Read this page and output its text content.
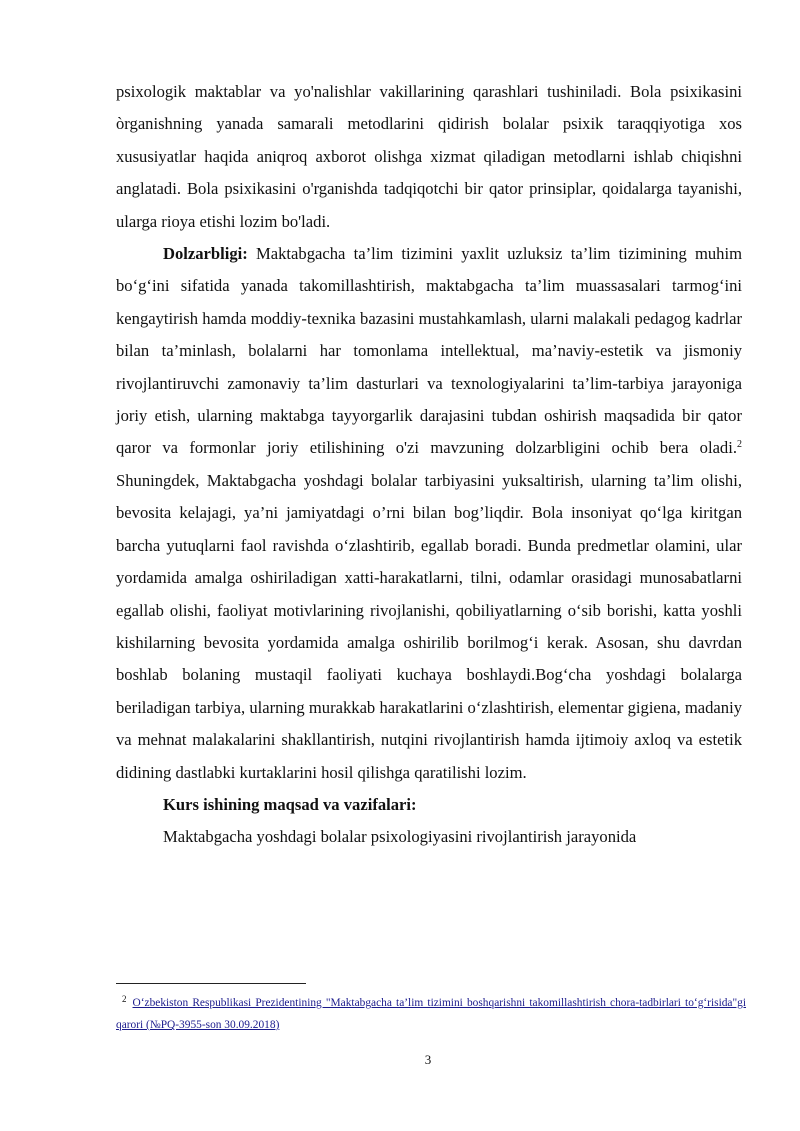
psixologik maktablar va yo'nalishlar vakillarining qarashlari tushiniladi. Bola psixikasini òrganishning yanada samarali metodlarini qidirish bolalar psixik taraqqiyotiga xos xususiyatlar haqida aniqroq axborot olishga xizmat qiladigan metodlarni ishlab chiqishni anglatadi. Bola psixikasini o'rganishda tadqiqotchi bir qator prinsiplar, qoidalarga tayanishi, ularga rioya etishi lozim bo'ladi.

Dolzarbligi: Maktabgacha ta’lim tizimini yaxlit uzluksiz ta’lim tizimining muhim bo‘g‘ini sifatida yanada takomillashtirish, maktabgacha ta’lim muassasalari tarmog‘ini kengaytirish hamda moddiy-texnika bazasini mustahkamlash, ularni malakali pedagog kadrlar bilan ta’minlash, bolalarni har tomonlama intellektual, ma’naviy-estetik va jismoniy rivojlantiruvchi zamonaviy ta’lim dasturlari va texnologiyalarini ta’lim-tarbiya jarayoniga joriy etish, ularning maktabga tayyorgarlik darajasini tubdan oshirish maqsadida bir qator qaror va formonlar joriy etilishining o'zi mavzuning dolzarbligini ochib bera oladi.$^2$ Shuningdek, Maktabgacha yoshdagi bolalar tarbiyasini yuksaltirish, ularning ta’lim olishi, bevosita kelajagi, ya’ni jamiyatdagi o’rni bilan bog’liqdir. Bola insoniyat qo‘lga kiritgan barcha yutuqlarni faol ravishda o‘zlashtirib, egallab boradi. Bunda predmetlar olamini, ular yordamida amalga oshiriladigan xatti-harakatlarni, tilni, odamlar orasidagi munosabatlarni egallab olishi, faoliyat motivlarining rivojlanishi, qobiliyatlarning o‘sib borishi, katta yoshli kishilarning bevosita yordamida amalga oshirilib borilmog‘i kerak. Asosan, shu davrdan boshlab bolaning mustaqil faoliyati kuchaya boshlaydi.Bog‘cha yoshdagi bolalarga beriladigan tarbiya, ularning murakkab harakatlarini o‘zlashtirish, elementar gigiena, madaniy va mehnat malakalarini shakllantirish, nutqini rivojlantirish hamda ijtimoiy axloq va estetik didining dastlabki kurtaklarini hosil qilishga qaratilishi lozim.

Kurs ishining maqsad va vazifalari:

Maktabgacha yoshdagi bolalar psixologiyasini rivojlantirish jarayonida

$^2$ O‘zbekiston Respublikasi Prezidentining "Maktabgacha ta’lim tizimini boshqarishni takomillashtirish chora-tadbirlari to‘g‘risida"gi qarori (№PQ-3955-son 30.09.2018)
3
